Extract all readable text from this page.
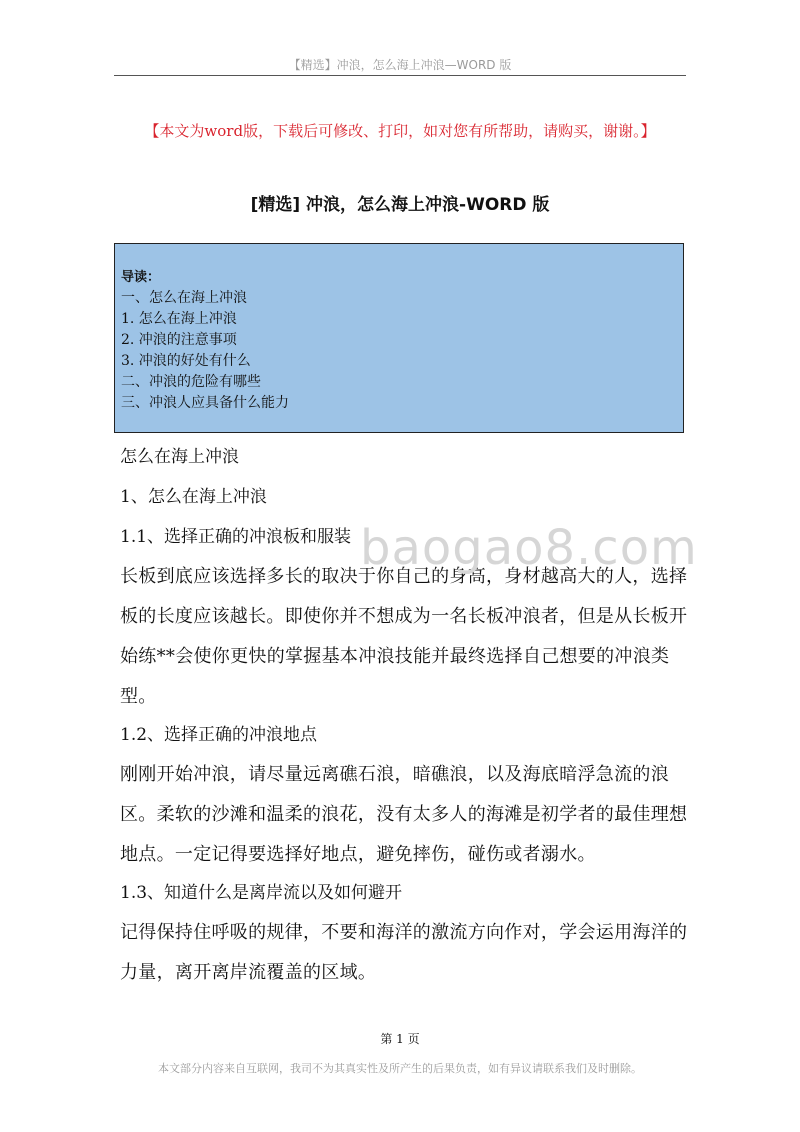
【精选】冲浪，怎么海上冲浪—WORD 版
【本文为word版，下载后可修改、打印，如对您有所帮助，请购买，谢谢。】
[精选] 冲浪，怎么海上冲浪-WORD 版
导读：
一、怎么在海上冲浪
1. 怎么在海上冲浪
2. 冲浪的注意事项
3. 冲浪的好处有什么
二、冲浪的危险有哪些
三、冲浪人应具备什么能力
怎么在海上冲浪
1、怎么在海上冲浪
1.1、选择正确的冲浪板和服装

长板到底应该选择多长的取决于你自己的身高，身材越高大的人，选择板的长度应该越长。即使你并不想成为一名长板冲浪者，但是从长板开始练**会使你更快的掌握基本冲浪技能并最终选择自己想要的冲浪类型。

1.2、选择正确的冲浪地点

刚刚开始冲浪，请尽量远离礁石浪，暗礁浪，以及海底暗浮急流的浪区。柔软的沙滩和温柔的浪花，没有太多人的海滩是初学者的最佳理想地点。一定记得要选择好地点，避免摔伤，碰伤或者溺水。

1.3、知道什么是离岸流以及如何避开

记得保持住呼吸的规律，不要和海洋的激流方向作对，学会运用海洋的力量，离开离岸流覆盖的区域。

baogao8.com
第 1 页
本文部分内容来自互联网，我司不为其真实性及所产生的后果负责，如有异议请联系我们及时删除。
